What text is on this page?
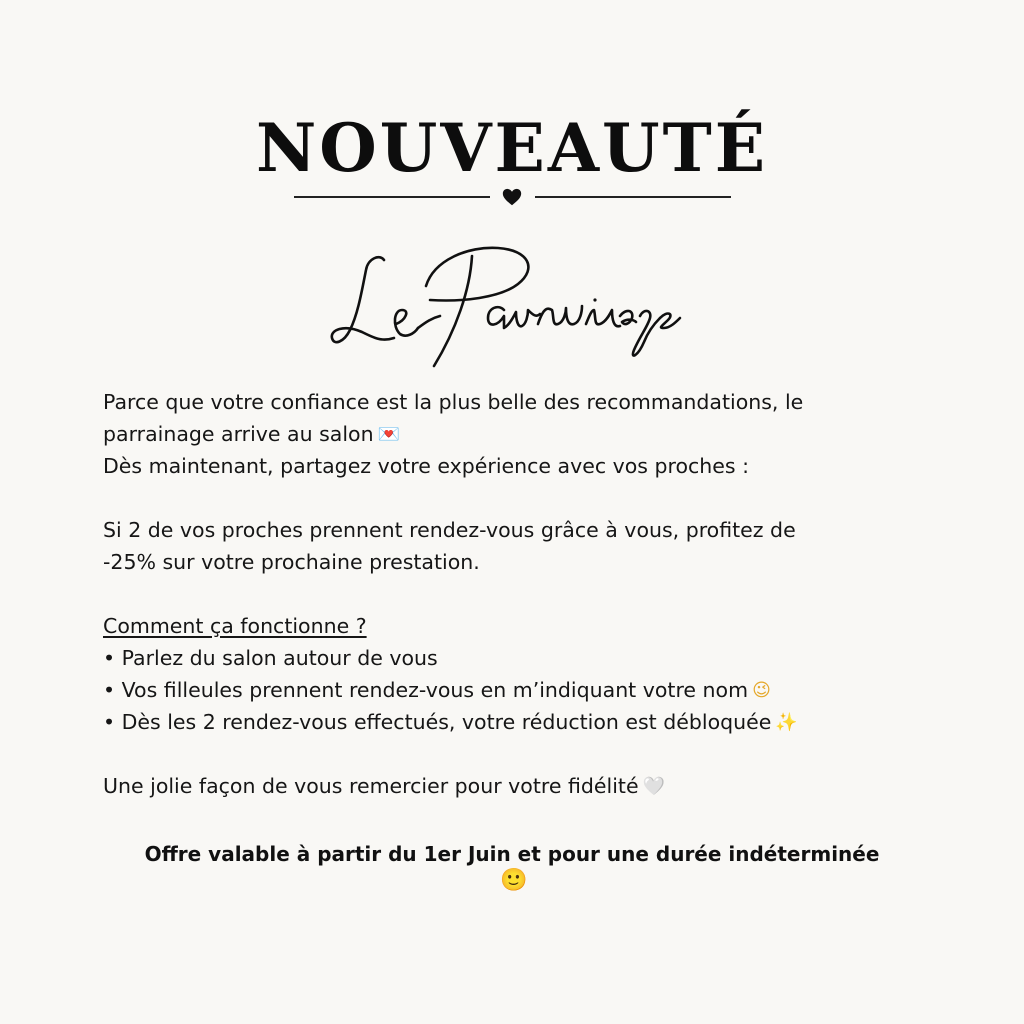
NOUVEAUTÉ

Parce que votre confiance est la plus belle des recommandations, le

parrainage arrive au salon 💌

Dès maintenant, partagez votre expérience avec vos proches :

Si 2 de vos proches prennent rendez-vous grâce à vous, profitez de

-25% sur votre prochaine prestation.

Comment ça fonctionne ?

• Parlez du salon autour de vous

• Vos filleules prennent rendez-vous en m’indiquant votre nom 😉

• Dès les 2 rendez-vous effectués, votre réduction est débloquée ✨

Une jolie façon de vous remercier pour votre fidélité 🤍

Offre valable à partir du 1er Juin et pour une durée indéterminée
🙂
